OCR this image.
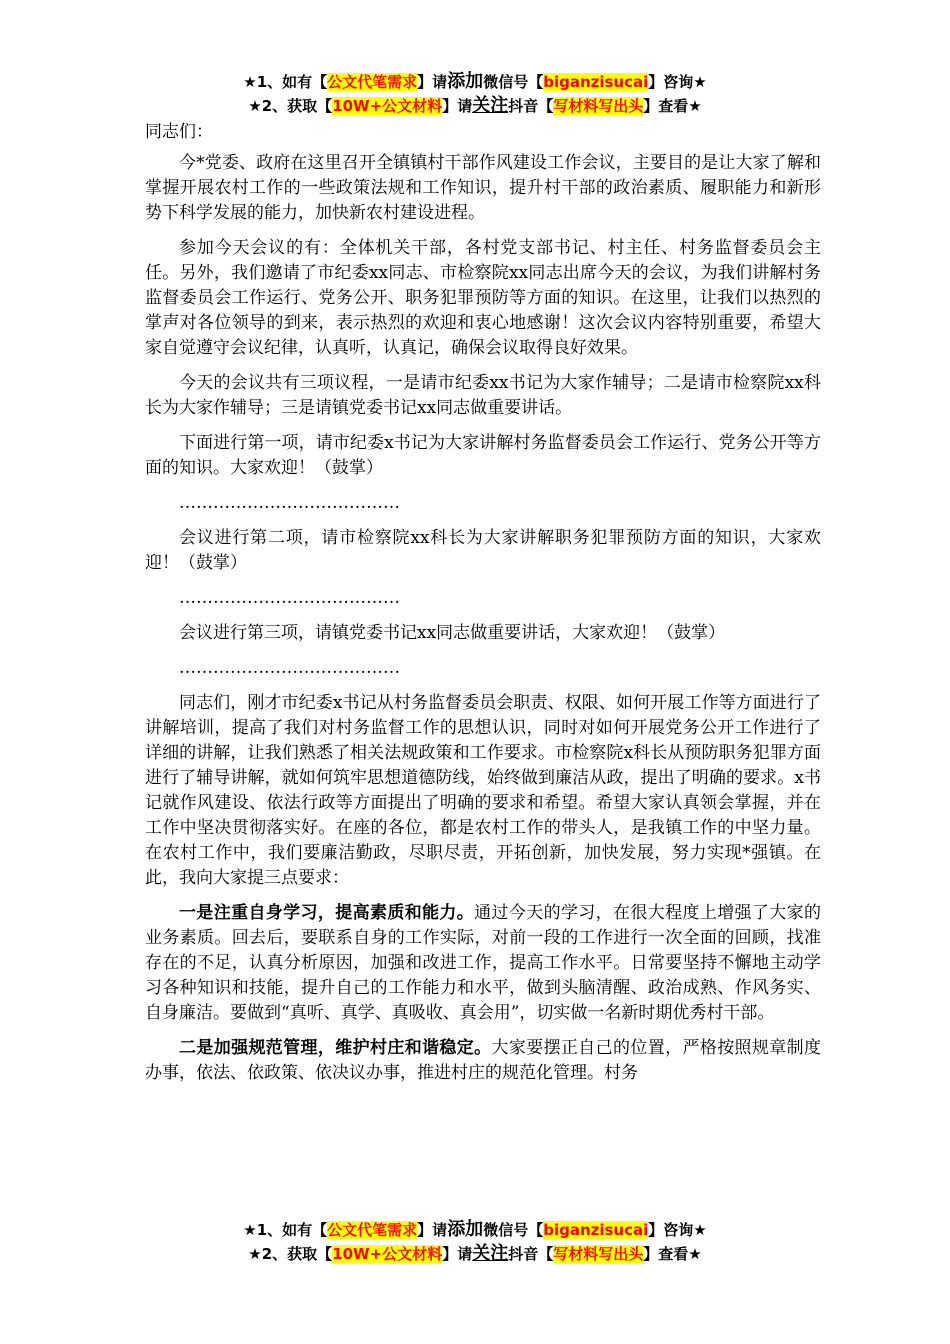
★1、如有【公文代笔需求】请添加微信号【biganzisucai】咨询★
★2、获取【10W+公文材料】请关注抖音【写材料写出头】查看★

同志们：

今*党委、政府在这里召开全镇镇村干部作风建设工作会议，主要目的是让大家了解和掌握开展农村工作的一些政策法规和工作知识，提升村干部的政治素质、履职能力和新形势下科学发展的能力，加快新农村建设进程。

参加今天会议的有：全体机关干部，各村党支部书记、村主任、村务监督委员会主任。另外，我们邀请了市纪委xx同志、市检察院xx同志出席今天的会议，为我们讲解村务监督委员会工作运行、党务公开、职务犯罪预防等方面的知识。在这里，让我们以热烈的掌声对各位领导的到来，表示热烈的欢迎和衷心地感谢！这次会议内容特别重要，希望大家自觉遵守会议纪律，认真听，认真记，确保会议取得良好效果。

今天的会议共有三项议程，一是请市纪委xx书记为大家作辅导；二是请市检察院xx科长为大家作辅导；三是请镇党委书记xx同志做重要讲话。

下面进行第一项，请市纪委x书记为大家讲解村务监督委员会工作运行、党务公开等方面的知识。大家欢迎！（鼓掌）

…………………………………

会议进行第二项，请市检察院xx科长为大家讲解职务犯罪预防方面的知识，大家欢迎！（鼓掌）

…………………………………

会议进行第三项，请镇党委书记xx同志做重要讲话，大家欢迎！（鼓掌）

…………………………………

同志们，刚才市纪委x书记从村务监督委员会职责、权限、如何开展工作等方面进行了讲解培训，提高了我们对村务监督工作的思想认识，同时对如何开展党务公开工作进行了详细的讲解，让我们熟悉了相关法规政策和工作要求。市检察院x科长从预防职务犯罪方面进行了辅导讲解，就如何筑牢思想道德防线，始终做到廉洁从政，提出了明确的要求。x书记就作风建设、依法行政等方面提出了明确的要求和希望。希望大家认真领会掌握，并在工作中坚决贯彻落实好。在座的各位，都是农村工作的带头人，是我镇工作的中坚力量。在农村工作中，我们要廉洁勤政，尽职尽责，开拓创新，加快发展，努力实现*强镇。在此，我向大家提三点要求：

一是注重自身学习，提高素质和能力。通过今天的学习，在很大程度上增强了大家的业务素质。回去后，要联系自身的工作实际，对前一段的工作进行一次全面的回顾，找准存在的不足，认真分析原因，加强和改进工作，提高工作水平。日常要坚持不懈地主动学习各种知识和技能，提升自己的工作能力和水平，做到头脑清醒、政治成熟、作风务实、自身廉洁。要做到“真听、真学、真吸收、真会用”，切实做一名新时期优秀村干部。

二是加强规范管理，维护村庄和谐稳定。大家要摆正自己的位置，严格按照规章制度办事，依法、依政策、依决议办事，推进村庄的规范化管理。村务

★1、如有【公文代笔需求】请添加微信号【biganzisucai】咨询★
★2、获取【10W+公文材料】请关注抖音【写材料写出头】查看★
